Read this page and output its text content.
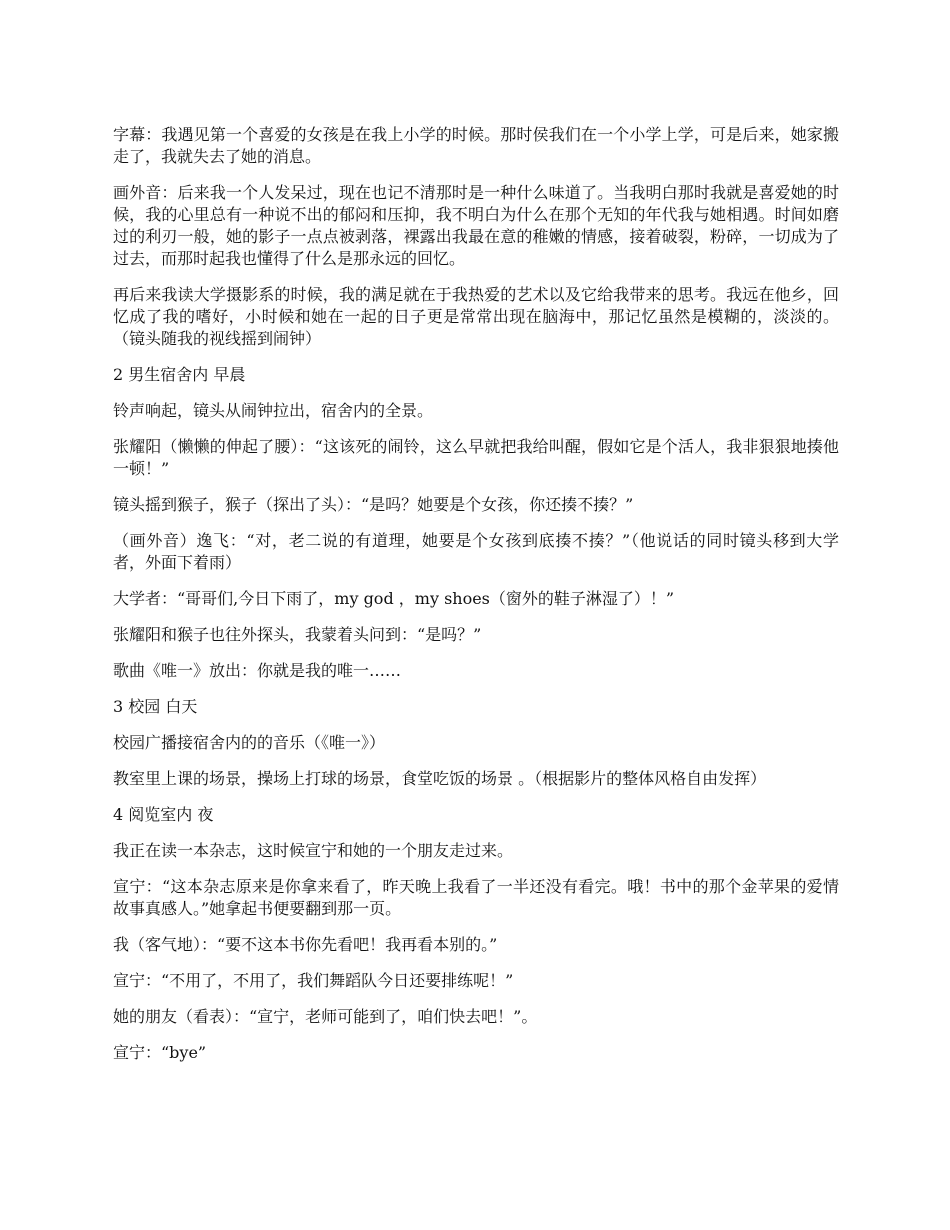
字幕：我遇见第一个喜爱的女孩是在我上小学的时候。那时侯我们在一个小学上学，可是后来，她家搬走了，我就失去了她的消息。

画外音：后来我一个人发呆过，现在也记不清那时是一种什么味道了。当我明白那时我就是喜爱她的时候，我的心里总有一种说不出的郁闷和压抑，我不明白为什么在那个无知的年代我与她相遇。时间如磨过的利刃一般，她的影子一点点被剥落，裸露出我最在意的稚嫩的情感，接着破裂，粉碎，一切成为了过去，而那时起我也懂得了什么是那永远的回忆。

再后来我读大学摄影系的时候，我的满足就在于我热爱的艺术以及它给我带来的思考。我远在他乡，回忆成了我的嗜好，小时候和她在一起的日子更是常常出现在脑海中，那记忆虽然是模糊的，淡淡的。（镜头随我的视线摇到闹钟）

2 男生宿舍内 早晨

铃声响起，镜头从闹钟拉出，宿舍内的全景。

张耀阳（懒懒的伸起了腰）：“这该死的闹铃，这么早就把我给叫醒，假如它是个活人，我非狠狠地揍他一顿！”

镜头摇到猴子，猴子（探出了头）：“是吗？她要是个女孩，你还揍不揍？”

（画外音）逸飞：“对，老二说的有道理，她要是个女孩到底揍不揍？”（他说话的同时镜头移到大学者，外面下着雨）

大学者：“哥哥们,今日下雨了，my god ，my shoes（窗外的鞋子淋湿了）！”

张耀阳和猴子也往外探头，我蒙着头问到：“是吗？”

歌曲《唯一》放出：你就是我的唯一……

3 校园 白天

校园广播接宿舍内的的音乐（《唯一》）

教室里上课的场景，操场上打球的场景，食堂吃饭的场景 。（根据影片的整体风格自由发挥）

4 阅览室内 夜

我正在读一本杂志，这时候宣宁和她的一个朋友走过来。

宣宁：“这本杂志原来是你拿来看了，昨天晚上我看了一半还没有看完。哦！书中的那个金苹果的爱情故事真感人。”她拿起书便要翻到那一页。

我（客气地）：“要不这本书你先看吧！我再看本别的。”

宣宁：“不用了，不用了，我们舞蹈队今日还要排练呢！”

她的朋友（看表）：“宣宁，老师可能到了，咱们快去吧！”。

宣宁：“bye”
